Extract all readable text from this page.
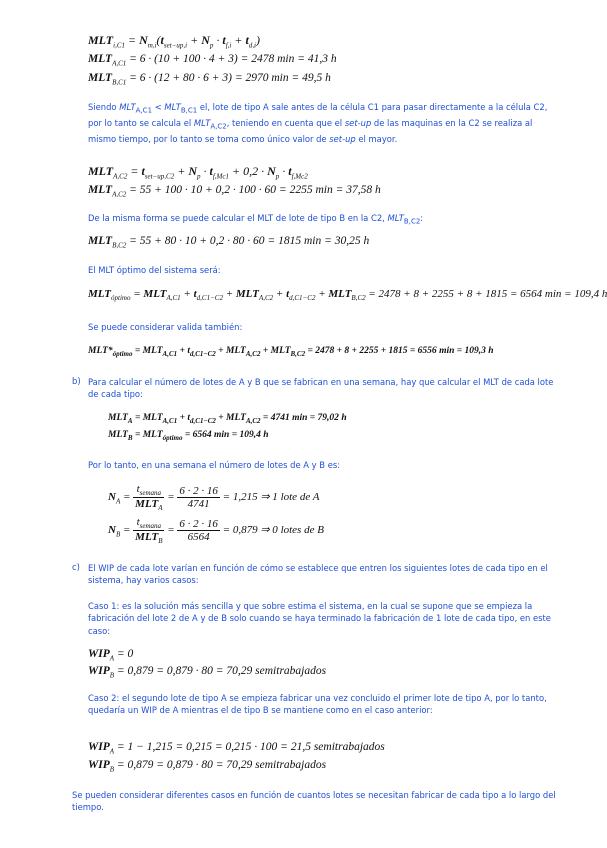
$MLT_{i,C1} = N_{m,i}(t_{set-up,i} + N_p \cdot t_{f,i} + t_{d,i})$
$MLT_{A,C1} = 6 \cdot (10 + 100 \cdot 4 + 3) = 2478$ min = 41,3 h
$MLT_{B,C1} = 6 \cdot (12 + 80 \cdot 6 + 3) = 2970$ min = 49,5 h
Siendo $MLT_{A,C1} < MLT_{B,C1}$ el, lote de tipo A sale antes de la célula C1 para pasar directamente a la célula C2, por lo tanto se calcula el $MLT_{A,C2}$, teniendo en cuenta que el set-up de las maquinas en la C2 se realiza al mismo tiempo, por lo tanto se toma como único valor de set-up el mayor.
$MLT_{A,C2} = t_{set-up,C2} + N_p \cdot t_{f,Mc1} + 0,2 \cdot N_p \cdot t_{f,Mc2}$
$MLT_{A,C2} = 55 + 100 \cdot 10 + 0,2 \cdot 100 \cdot 60 = 2255$ min = 37,58 h
De la misma forma se puede calcular el MLT de lote de tipo B en la C2, $MLT_{B,C2}$:
$MLT_{B,C2} = 55 + 80 \cdot 10 + 0,2 \cdot 80 \cdot 60 = 1815$ min = 30,25 h
El MLT óptimo del sistema será:
$MLT_{óptimo} = MLT_{A,C1} + t_{d,C1-C2} + MLT_{A,C2} + t_{d,C1-C2} + MLT_{B,C2} = 2478 + 8 + 2255 + 8 + 1815 = 6564$ min = 109,4 h
Se puede considerar valida también:
$MLT*_{óptimo} = MLT_{A,C1} + t_{d,C1-C2} + MLT_{A,C2} + MLT_{B,C2} = 2478 + 8 + 2255 + 1815 = 6556$ min = 109,3 h
b) Para calcular el número de lotes de A y B que se fabrican en una semana, hay que calcular el MLT de cada lote de cada tipo:
$MLT_A = MLT_{A,C1} + t_{d,C1-C2} + MLT_{A,C2} = 4741$ min = 79,02 h
$MLT_B = MLT_{óptimo} = 6564$ min = 109,4 h
Por lo tanto, en una semana el número de lotes de A y B es:
$N_A = \frac{t_{semana}}{MLT_A} = \frac{6 \cdot 2 \cdot 16}{4741} = 1,215$ ⇒ 1 lote de A
$N_B = \frac{t_{semana}}{MLT_B} = \frac{6 \cdot 2 \cdot 16}{6564} = 0,879$ ⇒ 0 lotes de B
c) El WIP de cada lote varían en función de cómo se establece que entren los siguientes lotes de cada tipo en el sistema, hay varios casos:
Caso 1: es la solución más sencilla y que sobre estima el sistema, en la cual se supone que se empieza la fabricación del lote 2 de A y de B solo cuando se haya terminado la fabricación de 1 lote de cada tipo, en este caso:
$WIP_A = 0$
$WIP_B = 0,879 = 0,879 \cdot 80 = 70,29$ semitrabajados
Caso 2: el segundo lote de tipo A se empieza fabricar una vez concluido el primer lote de tipo A, por lo tanto, quedaría un WIP de A mientras el de tipo B se mantiene como en el caso anterior:
$WIP_A = 1 - 1,215 = 0,215 = 0,215 \cdot 100 = 21,5$ semitrabajados
$WIP_B = 0,879 = 0,879 \cdot 80 = 70,29$ semitrabajados
Se pueden considerar diferentes casos en función de cuantos lotes se necesitan fabricar de cada tipo a lo largo del tiempo.
